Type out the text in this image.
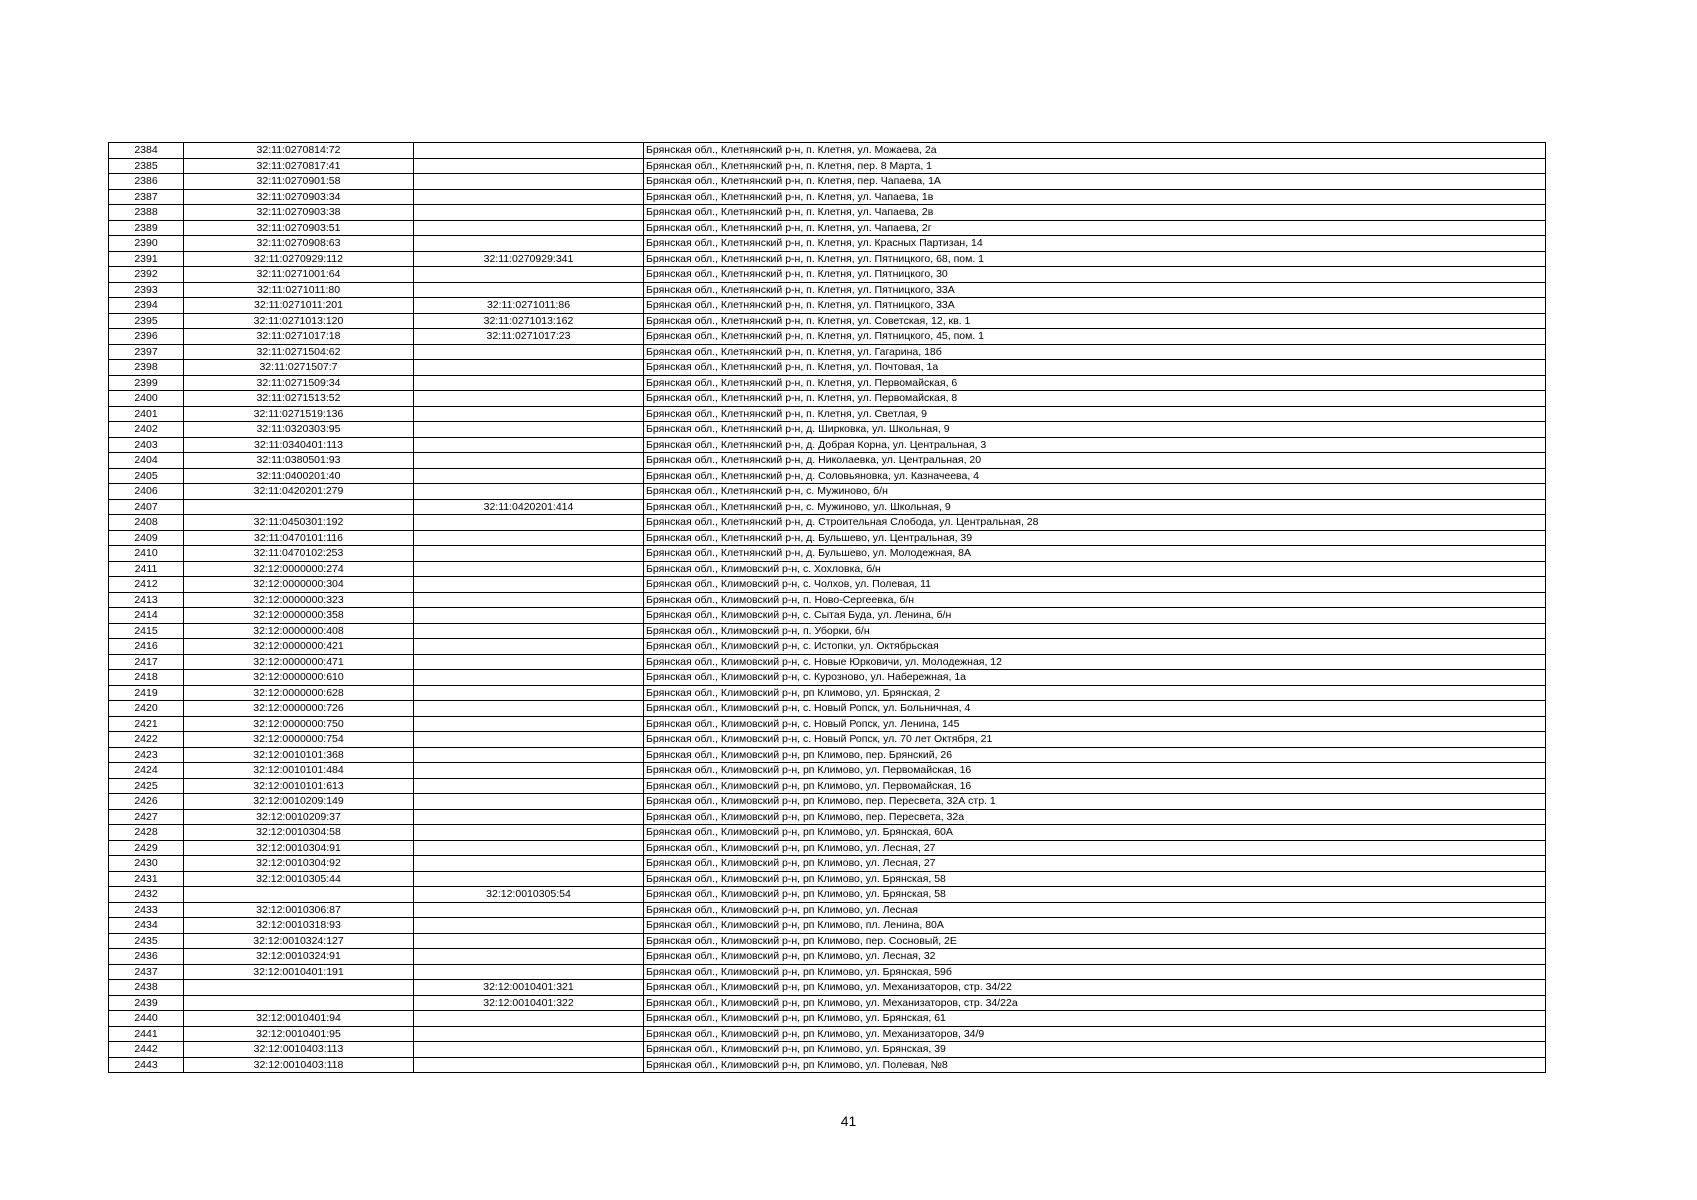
2384	32:11:0270814:72		Брянская обл., Клетнянский р-н, п. Клетня, ул. Можаева, 2а
2385	32:11:0270817:41		Брянская обл., Клетнянский р-н, п. Клетня, пер. 8 Марта, 1
2386	32:11:0270901:58		Брянская обл., Клетнянский р-н, п. Клетня, пер. Чапаева, 1А
2387	32:11:0270903:34		Брянская обл., Клетнянский р-н, п. Клетня, ул. Чапаева, 1в
2388	32:11:0270903:38		Брянская обл., Клетнянский р-н, п. Клетня, ул. Чапаева, 2в
2389	32:11:0270903:51		Брянская обл., Клетнянский р-н, п. Клетня, ул. Чапаева, 2г
2390	32:11:0270908:63		Брянская обл., Клетнянский р-н, п. Клетня, ул. Красных Партизан, 14
2391	32:11:0270929:112	32:11:0270929:341	Брянская обл., Клетнянский р-н, п. Клетня, ул. Пятницкого, 68, пом. 1
2392	32:11:0271001:64		Брянская обл., Клетнянский р-н, п. Клетня, ул. Пятницкого, 30
2393	32:11:0271011:80		Брянская обл., Клетнянский р-н, п. Клетня, ул. Пятницкого, 33А
2394	32:11:0271011:201	32:11:0271011:86	Брянская обл., Клетнянский р-н, п. Клетня, ул. Пятницкого, 33А
2395	32:11:0271013:120	32:11:0271013:162	Брянская обл., Клетнянский р-н, п. Клетня, ул. Советская, 12, кв. 1
2396	32:11:0271017:18	32:11:0271017:23	Брянская обл., Клетнянский р-н, п. Клетня, ул. Пятницкого, 45, пом. 1
2397	32:11:0271504:62		Брянская обл., Клетнянский р-н, п. Клетня, ул. Гагарина, 18б
2398	32:11:0271507:7		Брянская обл., Клетнянский р-н, п. Клетня, ул. Почтовая, 1а
2399	32:11:0271509:34		Брянская обл., Клетнянский р-н, п. Клетня, ул. Первомайская, 6
2400	32:11:0271513:52		Брянская обл., Клетнянский р-н, п. Клетня, ул. Первомайская, 8
2401	32:11:0271519:136		Брянская обл., Клетнянский р-н, п. Клетня, ул. Светлая, 9
2402	32:11:0320303:95		Брянская обл., Клетнянский р-н, д. Ширковка, ул. Школьная, 9
2403	32:11:0340401:113		Брянская обл., Клетнянский р-н, д. Добрая Корна, ул. Центральная, 3
2404	32:11:0380501:93		Брянская обл., Клетнянский р-н, д. Николаевка, ул. Центральная, 20
2405	32:11:0400201:40		Брянская обл., Клетнянский р-н, д. Соловьяновка, ул. Казначеева, 4
2406	32:11:0420201:279		Брянская обл., Клетнянский р-н, с. Мужиново, б/н
2407		32:11:0420201:414	Брянская обл., Клетнянский р-н, с. Мужиново, ул. Школьная, 9
2408	32:11:0450301:192		Брянская обл., Клетнянский р-н, д. Строительная Слобода, ул. Центральная, 28
2409	32:11:0470101:116		Брянская обл., Клетнянский р-н, д. Бульшево, ул. Центральная, 39
2410	32:11:0470102:253		Брянская обл., Клетнянский р-н, д. Бульшево, ул. Молодежная, 8А
2411	32:12:0000000:274		Брянская обл., Климовский р-н, с. Хохловка, б/н
2412	32:12:0000000:304		Брянская обл., Климовский р-н, с. Чолхов, ул. Полевая, 11
2413	32:12:0000000:323		Брянская обл., Климовский р-н, п. Ново-Сергеевка, б/н
2414	32:12:0000000:358		Брянская обл., Климовский р-н, с. Сытая Буда, ул. Ленина, б/н
2415	32:12:0000000:408		Брянская обл., Климовский р-н, п. Уборки, б/н
2416	32:12:0000000:421		Брянская обл., Климовский р-н, с. Истопки, ул. Октябрьская
2417	32:12:0000000:471		Брянская обл., Климовский р-н, с. Новые Юрковичи, ул. Молодежная, 12
2418	32:12:0000000:610		Брянская обл., Климовский р-н, с. Курозново, ул. Набережная, 1а
2419	32:12:0000000:628		Брянская обл., Климовский р-н, рп Климово, ул. Брянская, 2
2420	32:12:0000000:726		Брянская обл., Климовский р-н, с. Новый Ропск, ул. Больничная, 4
2421	32:12:0000000:750		Брянская обл., Климовский р-н, с. Новый Ропск, ул. Ленина, 145
2422	32:12:0000000:754		Брянская обл., Климовский р-н, с. Новый Ропск, ул. 70 лет Октября, 21
2423	32:12:0010101:368		Брянская обл., Климовский р-н, рп Климово, пер. Брянский, 26
2424	32:12:0010101:484		Брянская обл., Климовский р-н, рп Климово, ул. Первомайская, 16
2425	32:12:0010101:613		Брянская обл., Климовский р-н, рп Климово, ул. Первомайская, 16
2426	32:12:0010209:149		Брянская обл., Климовский р-н, рп Климово, пер. Пересвета, 32А стр. 1
2427	32:12:0010209:37		Брянская обл., Климовский р-н, рп Климово, пер. Пересвета, 32а
2428	32:12:0010304:58		Брянская обл., Климовский р-н, рп Климово, ул. Брянская, 60А
2429	32:12:0010304:91		Брянская обл., Климовский р-н, рп Климово, ул. Лесная, 27
2430	32:12:0010304:92		Брянская обл., Климовский р-н, рп Климово, ул. Лесная, 27
2431	32:12:0010305:44		Брянская обл., Климовский р-н, рп Климово, ул. Брянская, 58
2432		32:12:0010305:54	Брянская обл., Климовский р-н, рп Климово, ул. Брянская, 58
2433	32:12:0010306:87		Брянская обл., Климовский р-н, рп Климово, ул. Лесная
2434	32:12:0010318:93		Брянская обл., Климовский р-н, рп Климово, пл. Ленина, 80А
2435	32:12:0010324:127		Брянская обл., Климовский р-н, рп Климово, пер. Сосновый, 2Е
2436	32:12:0010324:91		Брянская обл., Климовский р-н, рп Климово, ул. Лесная, 32
2437	32:12:0010401:191		Брянская обл., Климовский р-н, рп Климово, ул. Брянская, 59б
2438		32:12:0010401:321	Брянская обл., Климовский р-н, рп Климово, ул. Механизаторов, стр. 34/22
2439		32:12:0010401:322	Брянская обл., Климовский р-н, рп Климово, ул. Механизаторов, стр. 34/22а
2440	32:12:0010401:94		Брянская обл., Климовский р-н, рп Климово, ул. Брянская, 61
2441	32:12:0010401:95		Брянская обл., Климовский р-н, рп Климово, ул. Механизаторов, 34/9
2442	32:12:0010403:113		Брянская обл., Климовский р-н, рп Климово, ул. Брянская, 39
2443	32:12:0010403:118		Брянская обл., Климовский р-н, рп Климово, ул. Полевая, №8
41
